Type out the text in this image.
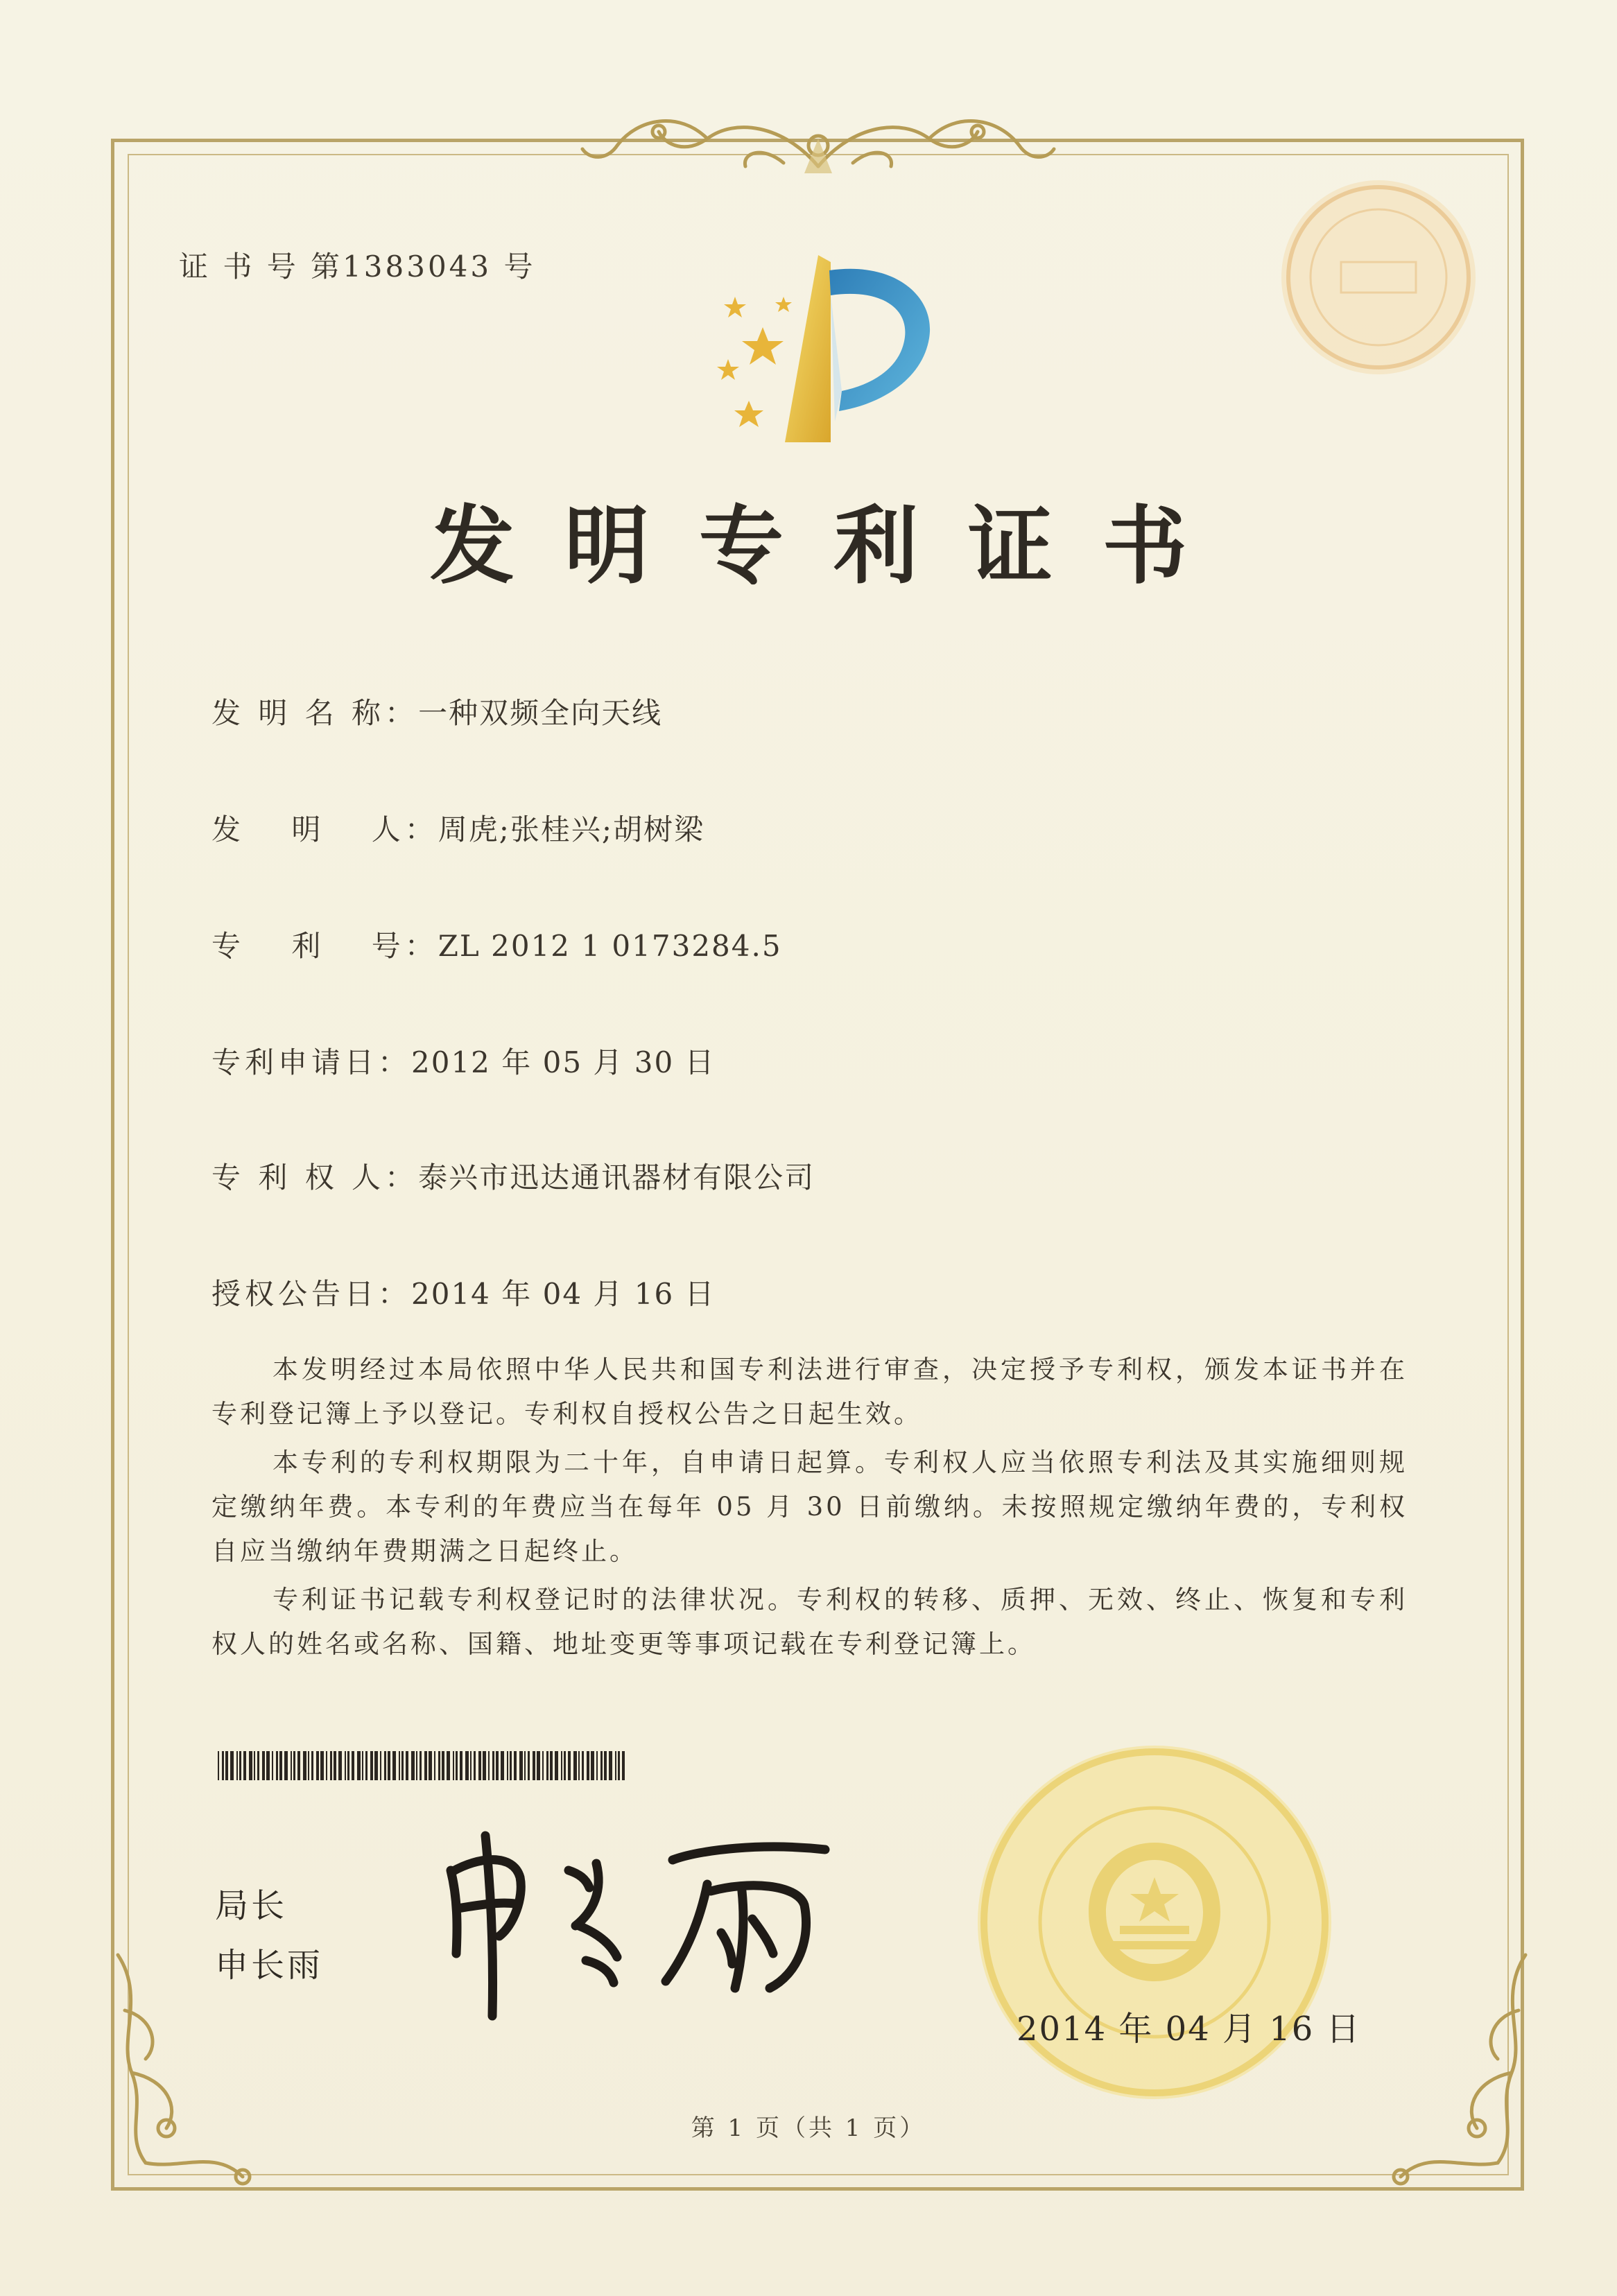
证 书 号 第1383043 号
发明专利证书
发 明 名 称：一种双频全向天线
发　 明　 人：周虎;张桂兴;胡树梁
专　 利　 号：ZL 2012 1 0173284.5
专利申请日：2012 年 05 月 30 日
专 利 权 人：泰兴市迅达通讯器材有限公司
授权公告日：2014 年 04 月 16 日
本发明经过本局依照中华人民共和国专利法进行审查，决定授予专利权，颁发本证书并在专利登记簿上予以登记。专利权自授权公告之日起生效。
本专利的专利权期限为二十年，自申请日起算。专利权人应当依照专利法及其实施细则规定缴纳年费。本专利的年费应当在每年 05 月 30 日前缴纳。未按照规定缴纳年费的，专利权自应当缴纳年费期满之日起终止。
专利证书记载专利权登记时的法律状况。专利权的转移、质押、无效、终止、恢复和专利权人的姓名或名称、国籍、地址变更等事项记载在专利登记簿上。
局长
申长雨
2014 年 04 月 16 日
第 1 页（共 1 页）
